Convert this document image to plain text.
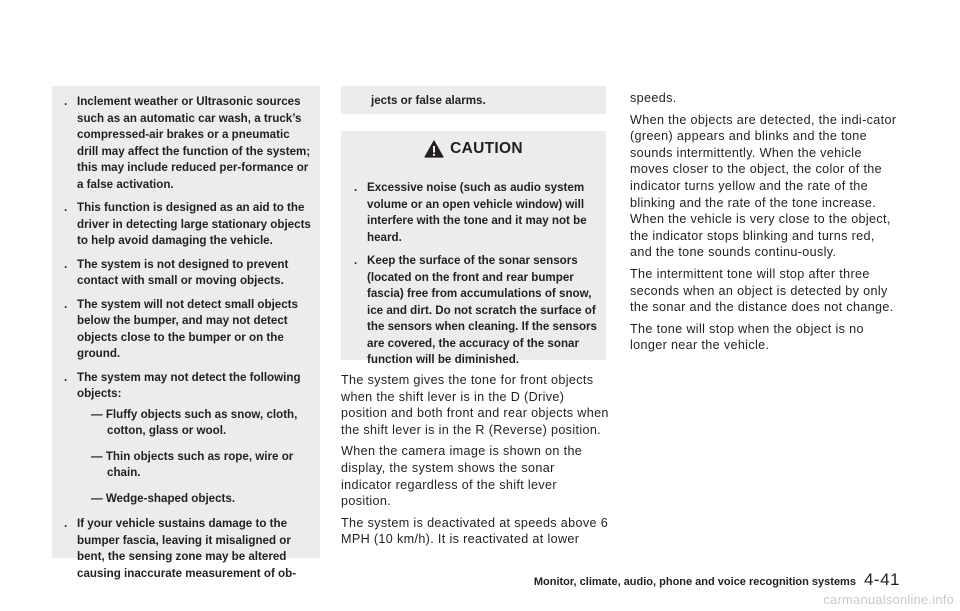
. Inclement weather or Ultrasonic sources such as an automatic car wash, a truck’s compressed-air brakes or a pneumatic drill may affect the function of the system; this may include reduced per-formance or a false activation.
. This function is designed as an aid to the driver in detecting large stationary objects to help avoid damaging the vehicle.
. The system is not designed to prevent contact with small or moving objects.
. The system will not detect small objects below the bumper, and may not detect objects close to the bumper or on the ground.
. The system may not detect the following objects:
— Fluffy objects such as snow, cloth, cotton, glass or wool.
— Thin objects such as rope, wire or chain.
— Wedge-shaped objects.
. If your vehicle sustains damage to the bumper fascia, leaving it misaligned or bent, the sensing zone may be altered causing inaccurate measurement of ob-
jects or false alarms.
CAUTION
. Excessive noise (such as audio system volume or an open vehicle window) will interfere with the tone and it may not be heard.
. Keep the surface of the sonar sensors (located on the front and rear bumper fascia) free from accumulations of snow, ice and dirt. Do not scratch the surface of the sensors when cleaning. If the sensors are covered, the accuracy of the sonar function will be diminished.

The system gives the tone for front objects when the shift lever is in the D (Drive) position and both front and rear objects when the shift lever is in the R (Reverse) position.

When the camera image is shown on the display, the system shows the sonar indicator regardless of the shift lever position.

The system is deactivated at speeds above 6 MPH (10 km/h). It is reactivated at lower

speeds.

When the objects are detected, the indi-cator (green) appears and blinks and the tone sounds intermittently. When the vehicle moves closer to the object, the color of the indicator turns yellow and the rate of the blinking and the rate of the tone increase. When the vehicle is very close to the object, the indicator stops blinking and turns red, and the tone sounds continu-ously.

The intermittent tone will stop after three seconds when an object is detected by only the sonar and the distance does not change.

The tone will stop when the object is no longer near the vehicle.

Monitor, climate, audio, phone and voice recognition systems 4-41
carmanualsonline.info
